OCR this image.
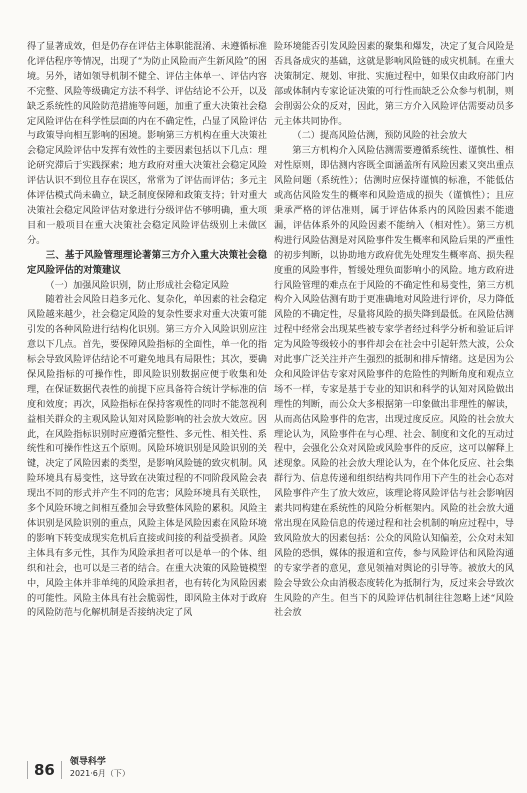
得了显著成效，但是仍存在评估主体职能混淆、未遵循标准化评估程序等情况，出现了“为防止风险而产生新风险”的困境。另外，诸如领导机制不健全、评估主体单一、评估内容不完整、风险等级确定方法不科学、评估结论不公开，以及缺乏系统性的风险防范措施等问题，加重了重大决策社会稳定风险评估在科学性层面的内在不确定性，凸显了风险评估与政策导向相互影响的困境。影响第三方机构在重大决策社会稳定风险评估中发挥有效性的主要因素包括以下几点：理论研究滞后于实践探索；地方政府对重大决策社会稳定风险评估认识不到位且存在误区，常常为了评估而评估；多元主体评估模式尚未确立，缺乏制度保障和政策支持；针对重大决策社会稳定风险评估对象进行分级评估不够明确，重大项目和一般项目在重大决策社会稳定风险评估级别上未做区分。

三、基于风险管理理论著第三方介入重大决策社会稳定风险评估的对策建议

（一）加强风险识别，防止形成社会稳定风险

随着社会风险日趋多元化、复杂化，单因素的社会稳定风险越来越少，社会稳定风险的复杂性要求对重大决策可能引发的各种风险进行结构化识别。第三方介入风险识别应注意以下几点。首先，要保障风险指标的全面性，单一化的指标会导致风险评估结论不可避免地具有局限性；其次，要确保风险指标的可操作性，即风险识别数据应便于收集和处理，在保证数据代表性的前提下应具备符合统计学标准的信度和效度；再次，风险指标在保持客观性的同时不能忽视利益相关群众的主观风险认知对风险影响的社会放大效应。因此，在风险指标识别时应遵循完整性、多元性、相关性、系统性和可操作性这五个原则。风险环境识别是风险识别的关键，决定了风险因素的类型，是影响风险链的致灾机制。风险环境具有易变性，这导致在决策过程的不同阶段风险会表现出不同的形式并产生不同的危害；风险环境具有关联性，多个风险环境之间相互叠加会导致整体风险的累积。风险主体识别是风险识别的重点，风险主体是风险因素在风险环境的影响下转变成现实危机后直接或间接的利益受损者。风险主体具有多元性，其作为风险承担者可以是单一的个体、组织和社会，也可以是三者的结合。在重大决策的风险链模型中，风险主体并非单纯的风险承担者，也有转化为风险因素的可能性。风险主体具有社会脆弱性，即风险主体对于政府的风险防范与化解机制是否接纳决定了风

险环境能否引发风险因素的聚集和爆发，决定了复合风险是否具备成灾的基础，这就是影响风险链的成灾机制。在重大决策制定、规划、审批、实施过程中，如果仅由政府部门内部或体制内专家论证决策的可行性而缺乏公众参与机制，则会削弱公众的反对，因此，第三方介入风险评估需要动员多元主体共同协作。

（二）提高风险估测，预防风险的社会放大

第三方机构介入风险估测需要遵循系统性、谨慎性、相对性原则，即估测内容既全面涵盖所有风险因素又突出重点风险问题（系统性）；估测时应保持谨慎的标准，不能低估或高估风险发生的概率和风险造成的损失（谨慎性）；且应秉承严格的评估准则，属于评估体系内的风险因素不能遗漏，评估体系外的风险因素不能纳入（相对性）。第三方机构进行风险估测是对风险事件发生概率和风险后果的严重性的初步判断，以协助地方政府优先处理发生概率高、损失程度重的风险事件，暂缓处理负面影响小的风险。地方政府进行风险管理的难点在于风险的不确定性和易变性，第三方机构介入风险估测有助于更准确地对风险进行评价，尽力降低风险的不确定性，尽量将风险的损失降到最低。在风险估测过程中经常会出现某些被专家学者经过科学分析和验证后评定为风险等级较小的事件却会在社会中引起轩然大波，公众对此事广泛关注并产生强烈的抵制和排斥情绪。这是因为公众和风险评估专家对风险事件的危险性的判断角度和观点立场不一样，专家是基于专业的知识和科学的认知对风险做出理性的判断，而公众大多根据第一印象做出非理性的解读，从而高估风险事件的危害，出现过度反应。风险的社会放大理论认为，风险事件在与心理、社会、制度和文化的互动过程中，会强化公众对风险或风险事件的反应，这可以解释上述现象。风险的社会放大理论认为，在个体化反应、社会集群行为、信息传递和组织结构共同作用下产生的社会心态对风险事件产生了放大效应，该理论将风险评估与社会影响因素共同构建在系统性的风险分析框架内。风险的社会放大通常出现在风险信息的传递过程和社会机制的响应过程中，导致风险放大的因素包括：公众的风险认知偏差，公众对未知风险的恐惧，媒体的报道和宣传，参与风险评估和风险沟通的专家学者的意见，意见领袖对舆论的引导等。被放大的风险会导致公众由消极态度转化为抵制行为，反过来会导致次生风险的产生。但当下的风险评估机制往往忽略上述“风险社会放

86	领导科学
2021·6月（下）
